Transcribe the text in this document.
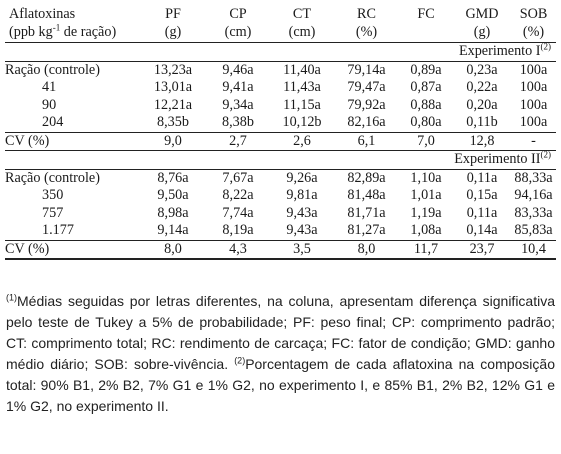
Aflatoxinas	PF	CP	CT	RC	FC	GMD	SOB
(ppb $kg^{-1}$ de ração)	(g)	(cm)	(cm)	(%)		(g)	(%)
Experimento $I^{(2)}$
Ração (controle)	13,23a	9,46a	11,40a	79,14a	0,89a	0,23a	100a
41	13,01a	9,41a	11,43a	79,47a	0,87a	0,22a	100a
90	12,21a	9,34a	11,15a	79,92a	0,88a	0,20a	100a
204	8,35b	8,38b	10,12b	82,16a	0,80a	0,11b	100a
CV (%)	9,0	2,7	2,6	6,1	7,0	12,8	-
Experimento II$^{(2)}$
Ração (controle)	8,76a	7,67a	9,26a	82,89a	1,10a	0,11a	88,33a
350	9,50a	8,22a	9,81a	81,48a	1,01a	0,15a	94,16a
757	8,98a	7,74a	9,43a	81,71a	1,19a	0,11a	83,33a
1.177	9,14a	8,19a	9,43a	81,27a	1,08a	0,14a	85,83a
CV (%)	8,0	4,3	3,5	8,0	11,7	23,7	10,4

$^{(1)}$Médias seguidas por letras diferentes, na coluna, apresentam diferença significativa pelo teste de Tukey a 5% de probabilidade; PF: peso final; CP: comprimento padrão; CT: comprimento total; RC: rendimento de carcaça; FC: fator de condição; GMD: ganho médio diário; SOB: sobre-vivência. $^{(2)}$Porcentagem de cada aflatoxina na composição total: 90% B1, 2% B2, 7% G1 e 1% G2, no experimento I, e 85% B1, 2% B2, 12% G1 e 1% G2, no experimento II.
